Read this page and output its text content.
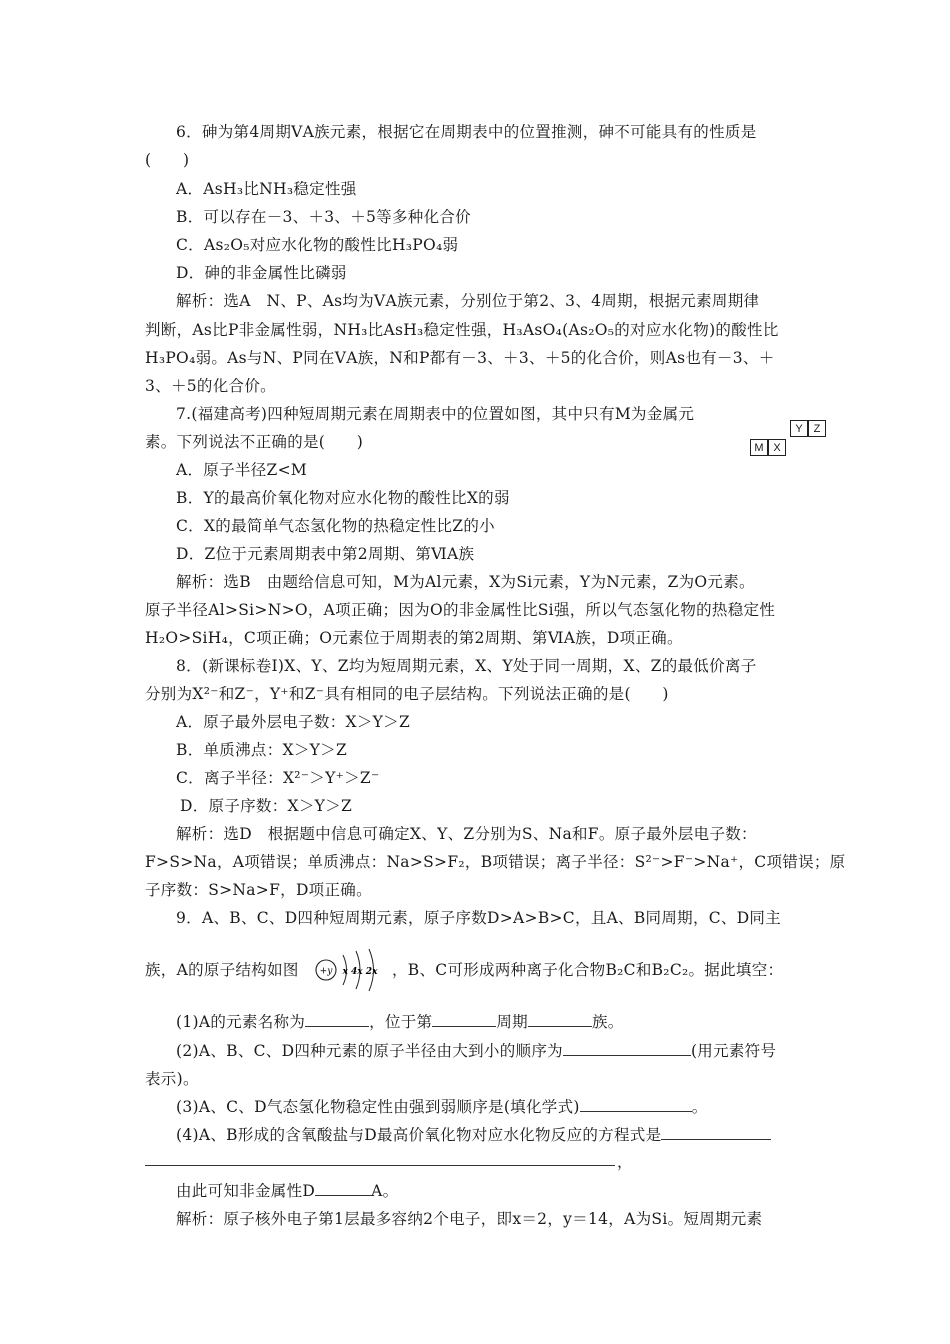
6．砷为第4周期ⅤA族元素，根据它在周期表中的位置推测，砷不可能具有的性质是
(　　)
A．AsH₃比NH₃稳定性强
B．可以存在－3、＋3、＋5等多种化合价
C．As₂O₅对应水化物的酸性比H₃PO₄弱
D．砷的非金属性比磷弱
解析：选A　N、P、As均为ⅤA族元素，分别位于第2、3、4周期，根据元素周期律
判断，As比P非金属性弱，NH₃比AsH₃稳定性强，H₃AsO₄(As₂O₅的对应水化物)的酸性比
H₃PO₄弱。As与N、P同在ⅤA族，N和P都有－3、＋3、＋5的化合价，则As也有－3、＋
3、＋5的化合价。
7.(福建高考)四种短周期元素在周期表中的位置如图，其中只有M为金属元
素。下列说法不正确的是(　　)
Y Z
M X
A．原子半径Z<M
B．Y的最高价氧化物对应水化物的酸性比X的弱
C．X的最简单气态氢化物的热稳定性比Z的小
D．Z位于元素周期表中第2周期、第ⅥA族
解析：选B　由题给信息可知，M为Al元素，X为Si元素，Y为N元素，Z为O元素。
原子半径Al>Si>N>O，A项正确；因为O的非金属性比Si强，所以气态氢化物的热稳定性
H₂O>SiH₄，C项正确；O元素位于周期表的第2周期、第ⅥA族，D项正确。
8．(新课标卷Ⅰ)X、Y、Z均为短周期元素，X、Y处于同一周期，X、Z的最低价离子
分别为X²⁻和Z⁻，Y⁺和Z⁻具有相同的电子层结构。下列说法正确的是(　　)
A．原子最外层电子数：X＞Y＞Z
B．单质沸点：X＞Y＞Z
C．离子半径：X²⁻＞Y⁺＞Z⁻
D．原子序数：X＞Y＞Z
解析：选D　根据题中信息可确定X、Y、Z分别为S、Na和F。原子最外层电子数：
F>S>Na，A项错误；单质沸点：Na>S>F₂，B项错误；离子半径：S²⁻>F⁻>Na⁺，C项错误；原
子序数：S>Na>F，D项正确。
9．A、B、C、D四种短周期元素，原子序数D>A>B>C，且A、B同周期，C、D同主
族，A的原子结构如图 +y x 4x 2x ，B、C可形成两种离子化合物B₂C和B₂C₂。据此填空：
(1)A的元素名称为	，位于第	周期	族。
(2)A、B、C、D四种元素的原子半径由大到小的顺序为	(用元素符号
表示)。
(3)A、C、D气态氢化物稳定性由强到弱顺序是(填化学式)	。
(4)A、B形成的含氧酸盐与D最高价氧化物对应水化物反应的方程式是
，
由此可知非金属性D	A。
解析：原子核外电子第1层最多容纳2个电子，即x＝2，y＝14，A为Si。短周期元素
